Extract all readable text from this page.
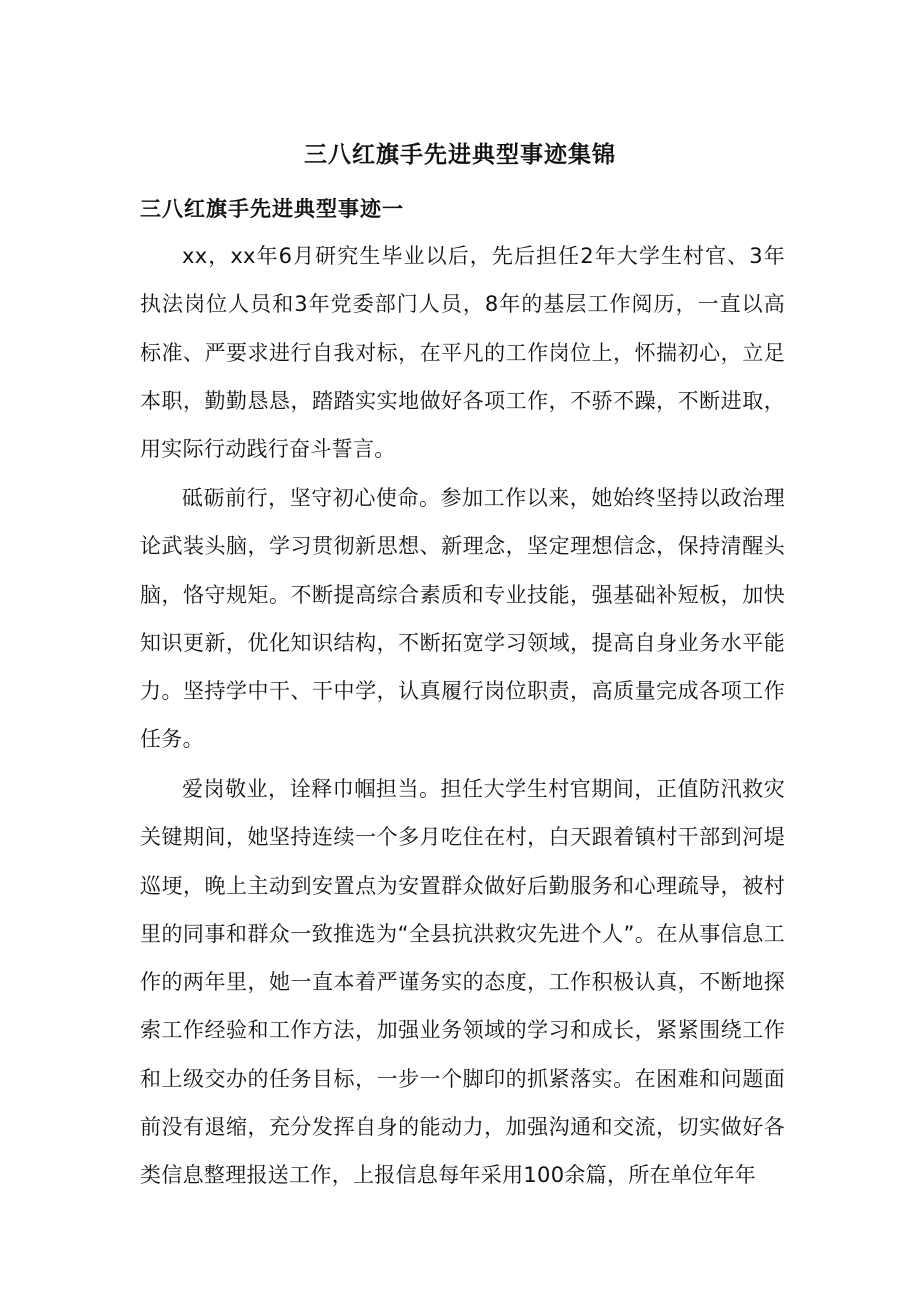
三八红旗手先进典型事迹集锦
三八红旗手先进典型事迹一

xx，xx年6月研究生毕业以后，先后担任2年大学生村官、3年执法岗位人员和3年党委部门人员，8年的基层工作阅历，一直以高标准、严要求进行自我对标，在平凡的工作岗位上，怀揣初心，立足本职，勤勤恳恳，踏踏实实地做好各项工作，不骄不躁，不断进取，用实际行动践行奋斗誓言。

砥砺前行，坚守初心使命。参加工作以来，她始终坚持以政治理论武装头脑，学习贯彻新思想、新理念，坚定理想信念，保持清醒头脑，恪守规矩。不断提高综合素质和专业技能，强基础补短板，加快知识更新，优化知识结构，不断拓宽学习领域，提高自身业务水平能力。坚持学中干、干中学，认真履行岗位职责，高质量完成各项工作任务。

爱岗敬业，诠释巾帼担当。担任大学生村官期间，正值防汛救灾关键期间，她坚持连续一个多月吃住在村，白天跟着镇村干部到河堤巡埂，晚上主动到安置点为安置群众做好后勤服务和心理疏导，被村里的同事和群众一致推选为“全县抗洪救灾先进个人”。在从事信息工作的两年里，她一直本着严谨务实的态度，工作积极认真，不断地探索工作经验和工作方法，加强业务领域的学习和成长，紧紧围绕工作和上级交办的任务目标，一步一个脚印的抓紧落实。在困难和问题面前没有退缩，充分发挥自身的能动力，加强沟通和交流，切实做好各类信息整理报送工作，上报信息每年采用100余篇，所在单位年年
